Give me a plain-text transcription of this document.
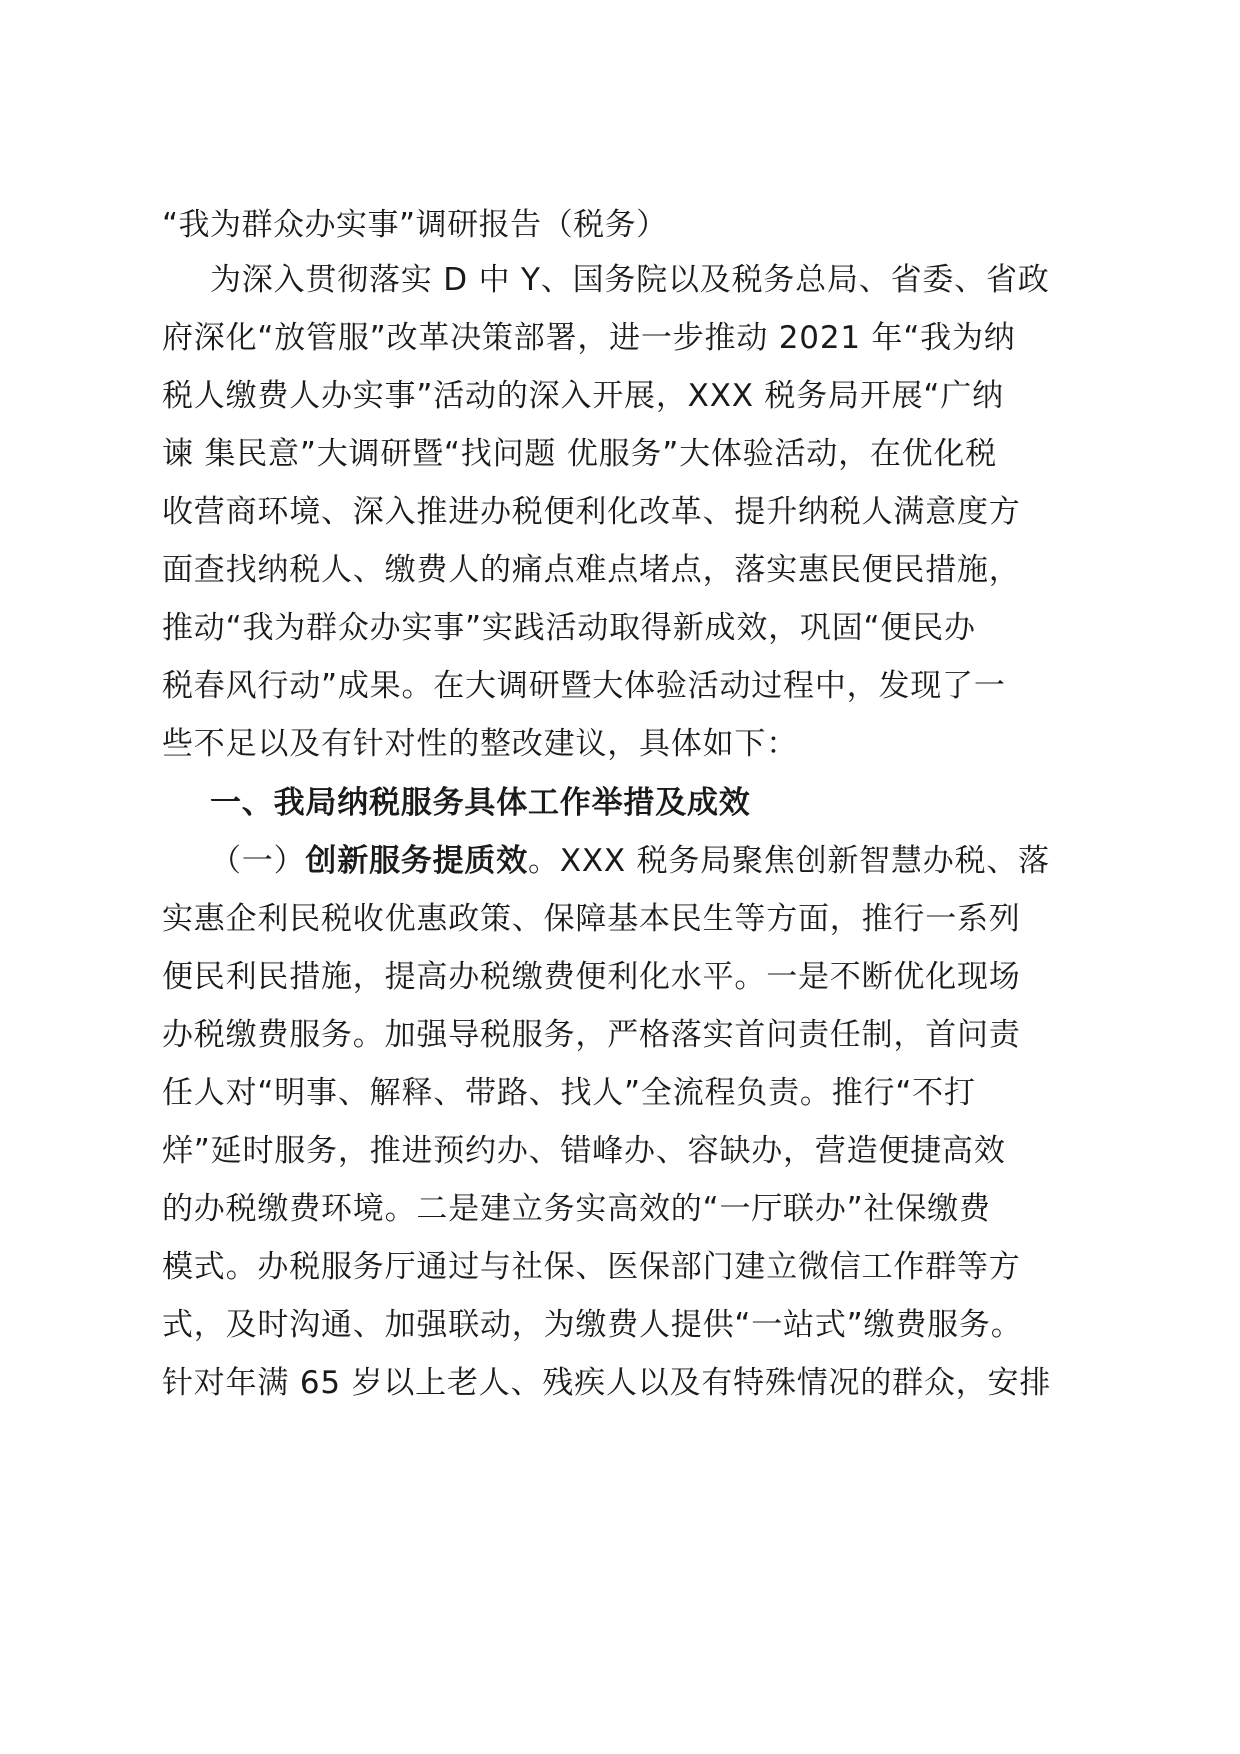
“我为群众办实事”调研报告（税务）
为深入贯彻落实 D 中 Y、国务院以及税务总局、省委、省政
府深化“放管服”改革决策部署，进一步推动 2021 年“我为纳
税人缴费人办实事”活动的深入开展，XXX 税务局开展“广纳
谏 集民意”大调研暨“找问题 优服务”大体验活动，在优化税
收营商环境、深入推进办税便利化改革、提升纳税人满意度方
面查找纳税人、缴费人的痛点难点堵点，落实惠民便民措施，
推动“我为群众办实事”实践活动取得新成效，巩固“便民办
税春风行动”成果。在大调研暨大体验活动过程中，发现了一
些不足以及有针对性的整改建议，具体如下：
一、我局纳税服务具体工作举措及成效
（一）创新服务提质效。XXX 税务局聚焦创新智慧办税、落
实惠企利民税收优惠政策、保障基本民生等方面，推行一系列
便民利民措施，提高办税缴费便利化水平。一是不断优化现场
办税缴费服务。加强导税服务，严格落实首问责任制，首问责
任人对“明事、解释、带路、找人”全流程负责。推行“不打
烊”延时服务，推进预约办、错峰办、容缺办，营造便捷高效
的办税缴费环境。二是建立务实高效的“一厅联办”社保缴费
模式。办税服务厅通过与社保、医保部门建立微信工作群等方
式，及时沟通、加强联动，为缴费人提供“一站式”缴费服务。
针对年满 65 岁以上老人、残疾人以及有特殊情况的群众，安排
